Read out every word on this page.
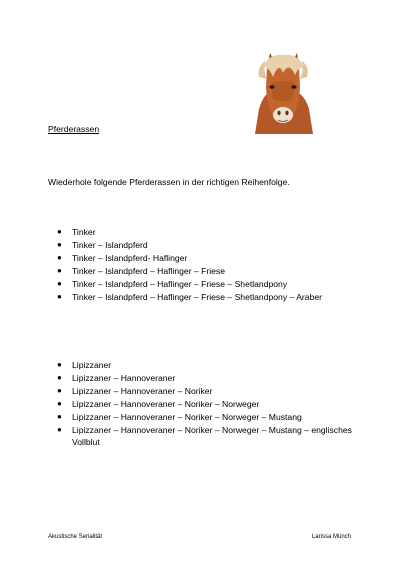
Pferderassen
Wiederhole folgende Pferderassen in der richtigen Reihenfolge.
● Tinker
● Tinker – Islandpferd
● Tinker – Islandpferd- Haflinger
● Tinker – Islandpferd – Haflinger – Friese
● Tinker – Islandpferd – Haflinger – Friese – Shetlandpony
● Tinker – Islandpferd – Haflinger – Friese – Shetlandpony – Araber
● Lipizzaner
● Lipizzaner – Hannoveraner
● Lipizzaner – Hannoveraner – Noriker
● Lipizzaner – Hannoveraner – Noriker – Norweger
● Lipizzaner – Hannoveraner – Noriker – Norweger – Mustang
● Lipizzaner – Hannoveraner – Noriker – Norweger – Mustang – englisches Vollblut
Akustische Serialität	Larissa Münch
